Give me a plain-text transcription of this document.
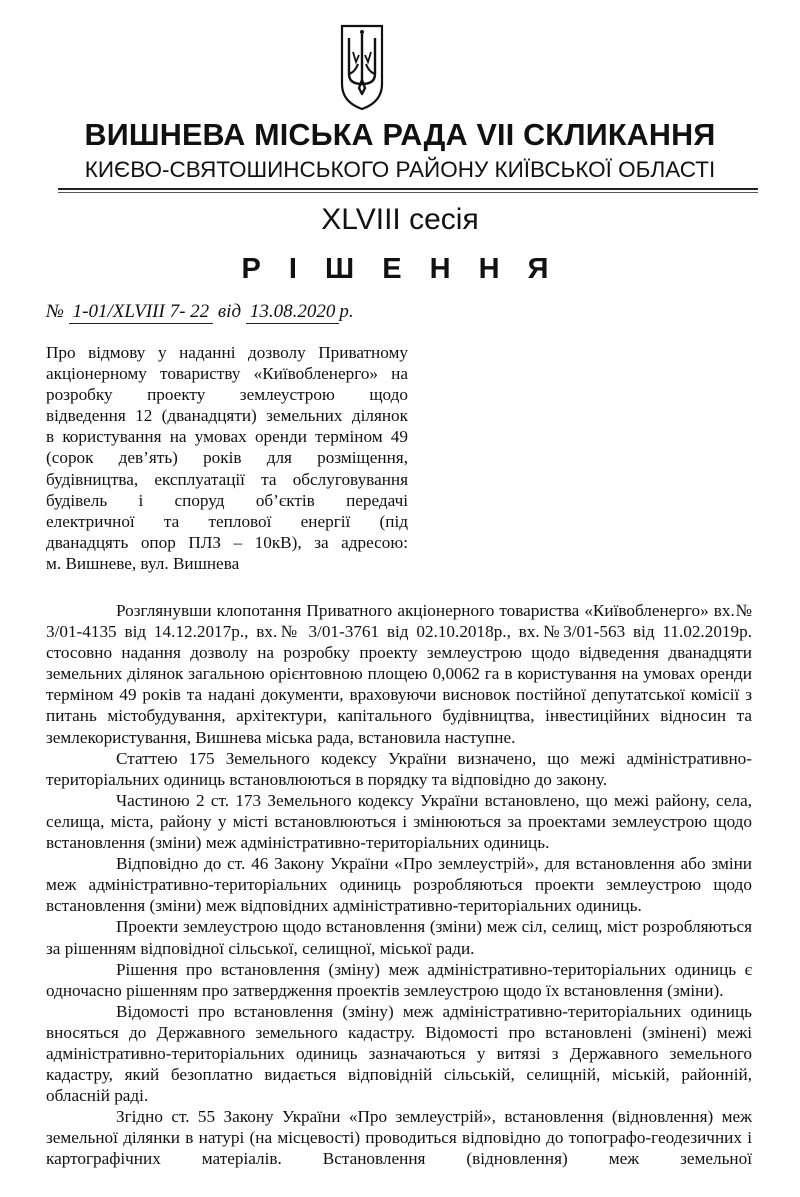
ВИШНЕВА МІСЬКА РАДА VII СКЛИКАННЯ
КИЄВО-СВЯТОШИНСЬКОГО РАЙОНУ КИЇВСЬКОЇ ОБЛАСТІ
XLVIII сесія
Р І Ш Е Н Н Я
№ 1-01/XLVIII 7- 22 від 13.08.2020 р.
Про відмову у наданні дозволу Приватному
акціонерному товариству «Київобленерго» на
розробку проекту землеустрою щодо
відведення 12 (дванадцяти) земельних ділянок
в користування на умовах оренди терміном 49
(сорок дев’ять) років для розміщення,
будівництва, експлуатації та обслуговування
будівель і споруд об’єктів передачі
електричної та теплової енергії (під
дванадцять опор ПЛЗ – 10кВ), за адресою:
м. Вишневе, вул. Вишнева

Розглянувши клопотання Приватного акціонерного товариства «Київобленерго» вх.№ 3/01-4135 від 14.12.2017р., вх.№ 3/01-3761 від 02.10.2018р., вх.№3/01-563 від 11.02.2019р. стосовно надання дозволу на розробку проекту землеустрою щодо відведення дванадцяти земельних ділянок загальною орієнтовною площею 0,0062 га в користування на умовах оренди терміном 49 років та надані документи, враховуючи висновок постійної депутатської комісії з питань містобудування, архітектури, капітального будівництва, інвестиційних відносин та землекористування, Вишнева міська рада, встановила наступне.

Статтею 175 Земельного кодексу України визначено, що межі адміністративно-територіальних одиниць встановлюються в порядку та відповідно до закону.

Частиною 2 ст. 173 Земельного кодексу України встановлено, що межі району, села, селища, міста, району у місті встановлюються і змінюються за проектами землеустрою щодо встановлення (зміни) меж адміністративно-територіальних одиниць.

Відповідно до ст. 46 Закону України «Про землеустрій», для встановлення або зміни меж адміністративно-територіальних одиниць розробляються проекти землеустрою щодо встановлення (зміни) меж відповідних адміністративно-територіальних одиниць.

Проекти землеустрою щодо встановлення (зміни) меж сіл, селищ, міст розробляються за рішенням відповідної сільської, селищної, міської ради.

Рішення про встановлення (зміну) меж адміністративно-територіальних одиниць є одночасно рішенням про затвердження проектів землеустрою щодо їх встановлення (зміни).

Відомості про встановлення (зміну) меж адміністративно-територіальних одиниць вносяться до Державного земельного кадастру. Відомості про встановлені (змінені) межі адміністративно-територіальних одиниць зазначаються у витязі з Державного земельного кадастру, який безоплатно видається відповідній сільській, селищній, міській, районній, обласній раді.

Згідно ст. 55 Закону України «Про землеустрій», встановлення (відновлення) меж земельної ділянки в натурі (на місцевості) проводиться відповідно до топографо-геодезичних і картографічних матеріалів. Встановлення (відновлення) меж земельної
